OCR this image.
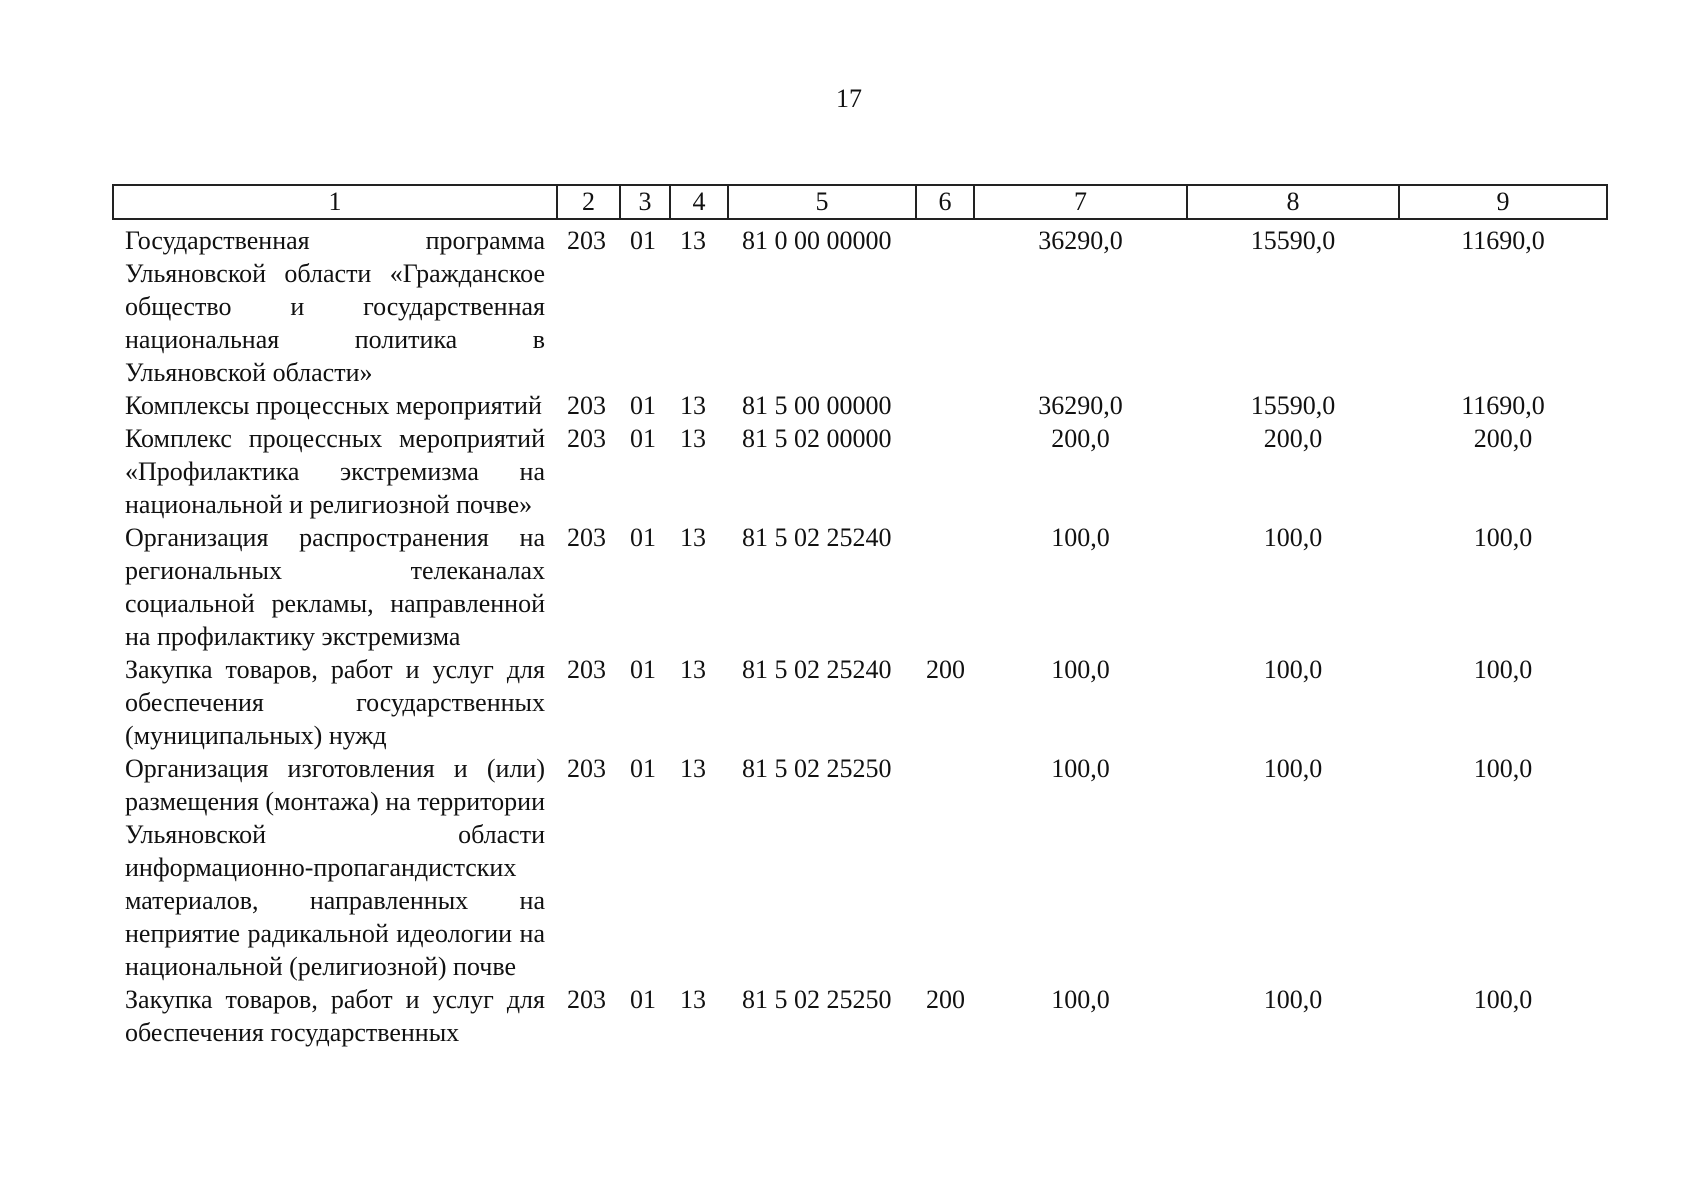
17
1	2	3	4	5	6	7	8	9
Государственная программа Ульяновской области «Гражданское общество и государственная национальная политика в Ульяновской области»	203	01	13	81 0 00 00000		36290,0	15590,0	11690,0
Комплексы процессных мероприятий	203	01	13	81 5 00 00000		36290,0	15590,0	11690,0
Комплекс процессных мероприятий «Профилактика экстремизма на национальной и религиозной почве»	203	01	13	81 5 02 00000		200,0	200,0	200,0
Организация распространения на региональных телеканалах социальной рекламы, направленной на профилактику экстремизма	203	01	13	81 5 02 25240		100,0	100,0	100,0
Закупка товаров, работ и услуг для обеспечения государственных (муниципальных) нужд	203	01	13	81 5 02 25240	200	100,0	100,0	100,0
Организация изготовления и (или) размещения (монтажа) на территории Ульяновской области информационно-пропагандистских материалов, направленных на неприятие радикальной идеологии на национальной (религиозной) почве	203	01	13	81 5 02 25250		100,0	100,0	100,0
Закупка товаров, работ и услуг для обеспечения государственных	203	01	13	81 5 02 25250	200	100,0	100,0	100,0
